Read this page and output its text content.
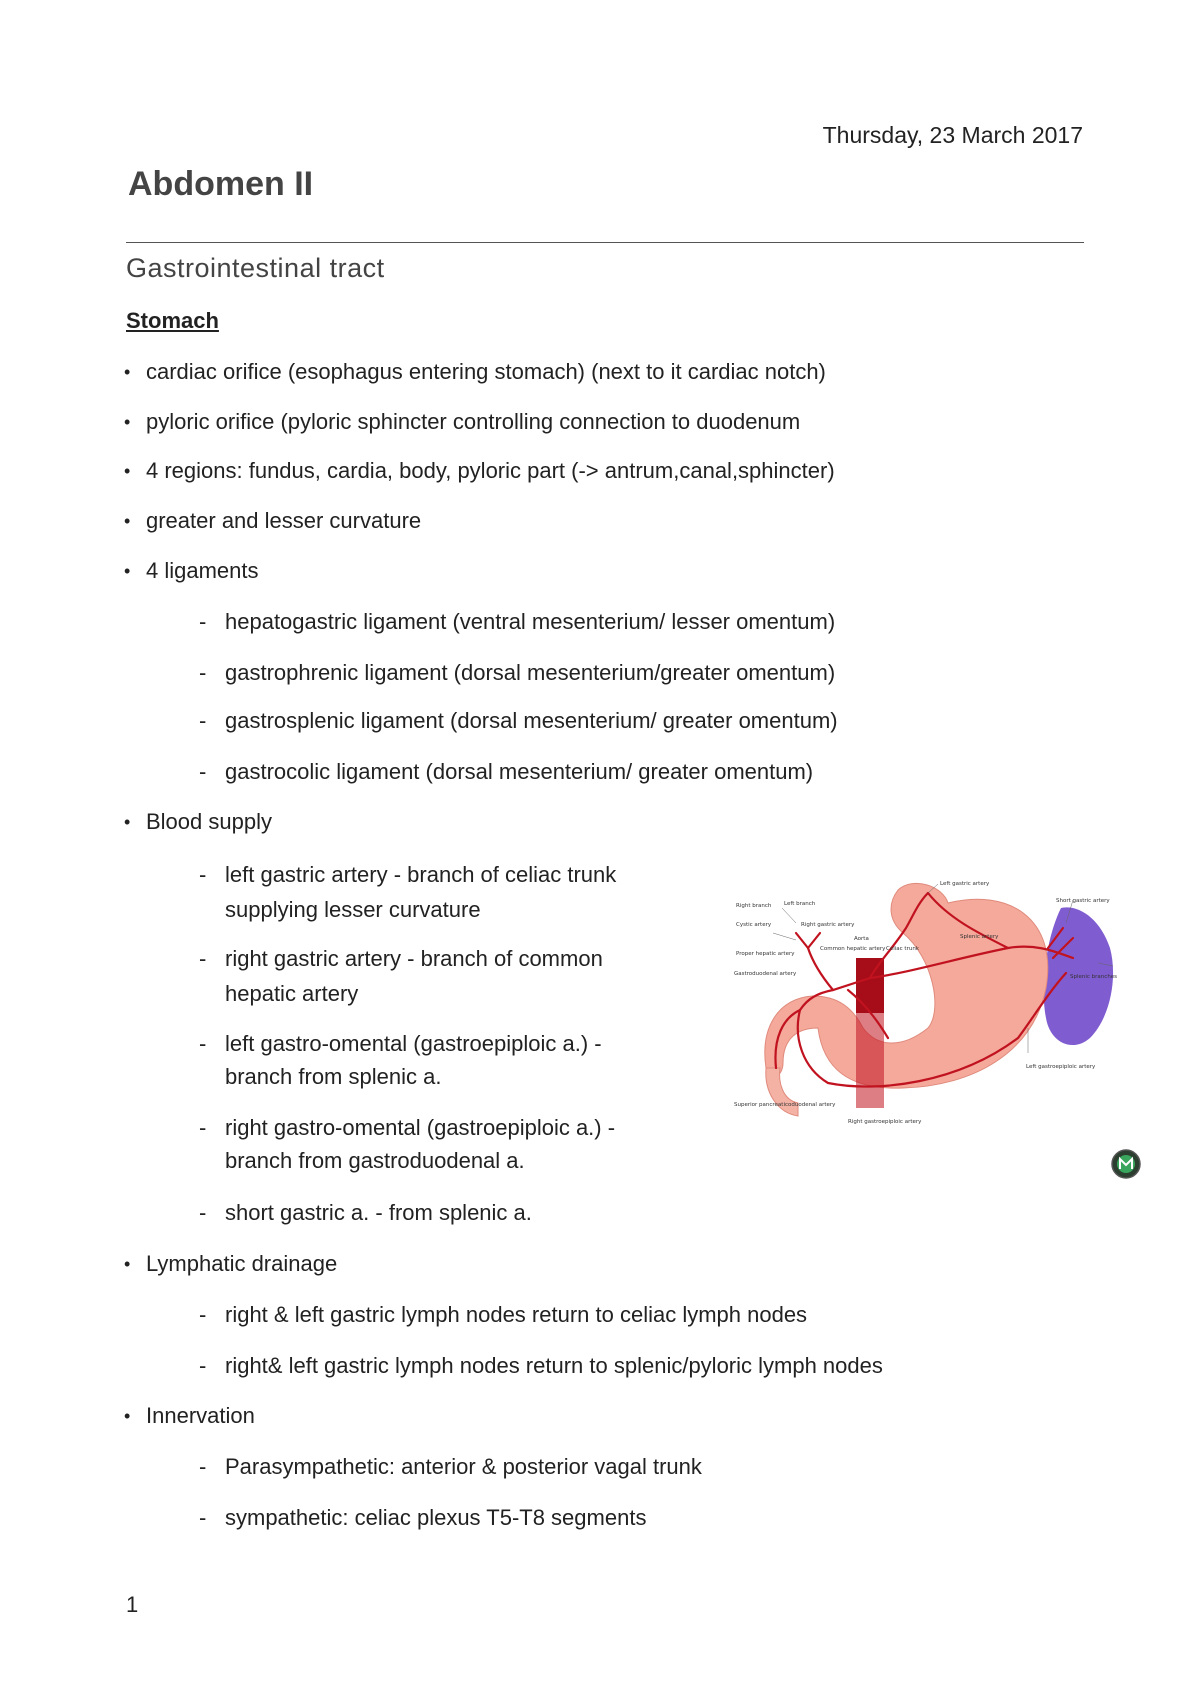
Thursday, 23 March 2017
Abdomen II
Gastrointestinal tract
Stomach
• cardiac orifice (esophagus entering stomach) (next to it cardiac notch)
• pyloric orifice (pyloric sphincter controlling connection to duodenum
• 4 regions: fundus, cardia, body, pyloric part (-> antrum,canal,sphincter)
• greater and lesser curvature
• 4 ligaments
- hepatogastric ligament (ventral mesenterium/ lesser omentum)
- gastrophrenic ligament (dorsal mesenterium/greater omentum)
- gastrosplenic ligament (dorsal mesenterium/ greater omentum)
- gastrocolic ligament (dorsal mesenterium/ greater omentum)
• Blood supply
- left gastric artery - branch of celiac trunk
supplying lesser curvature
- right gastric artery - branch of common
hepatic artery
- left gastro-omental (gastroepiploic a.) -
branch from splenic a.
- right gastro-omental (gastroepiploic a.) -
branch from gastroduodenal a.
- short gastric a. - from splenic a.
• Lymphatic drainage
- right & left gastric lymph nodes return to celiac lymph nodes
- right& left gastric lymph nodes return to splenic/pyloric lymph nodes
• Innervation
- Parasympathetic: anterior & posterior vagal trunk
- sympathetic: celiac plexus T5-T8 segments
Left gastric artery
Short gastric artery
Right branch Left branch
Cystic artery	Right gastric artery
Aorta
Common hepatic artery Celiac trunk
Splenic artery
Splenic branches
Proper hepatic artery
Gastroduodenal artery
Superior pancreaticoduodenal artery
Right gastroepiploic artery
Left gastroepiploic artery
1
